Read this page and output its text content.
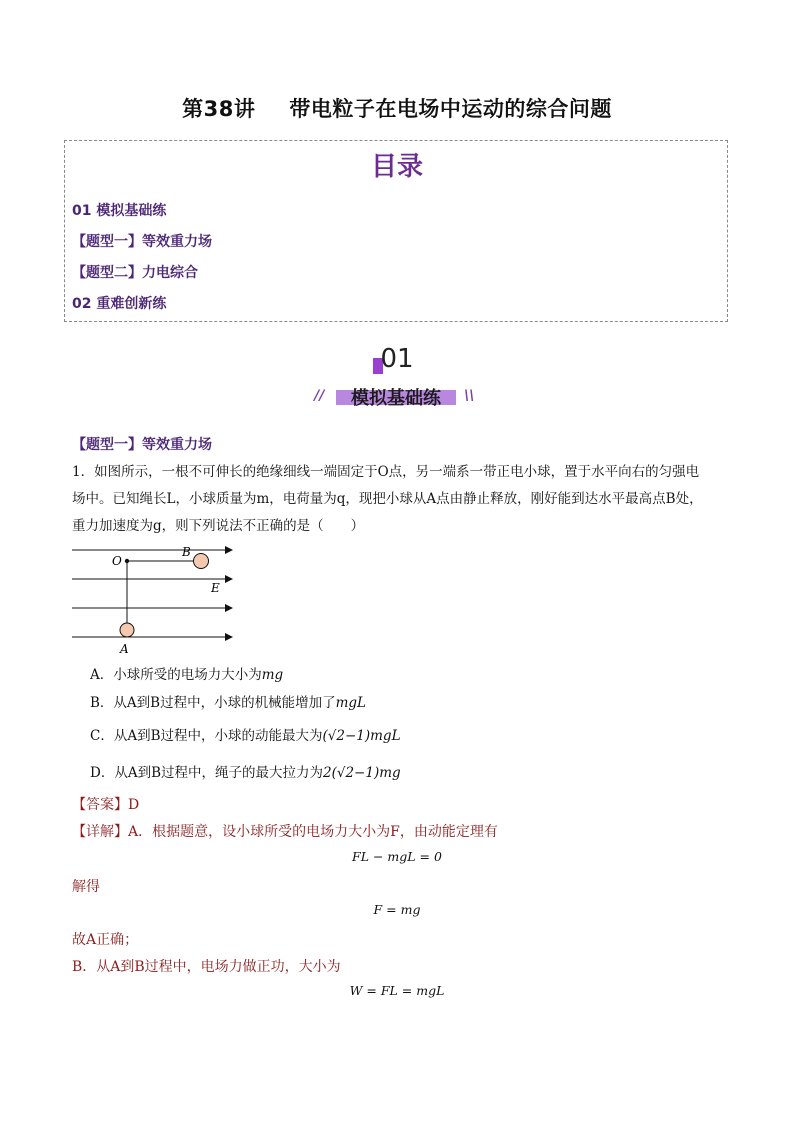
第38讲 带电粒子在电场中运动的综合问题
目录
01 模拟基础练
【题型一】等效重力场
【题型二】力电综合
02 重难创新练
01
//	模拟基础练	\\
【题型一】等效重力场
1．如图所示，一根不可伸长的绝缘细线一端固定于O点，另一端系一带正电小球，置于水平向右的匀强电
场中。已知绳长L，小球质量为m，电荷量为q，现把小球从A点由静止释放，刚好能到达水平最高点B处，
重力加速度为g，则下列说法不正确的是（　　）
O
B
E
A
A．小球所受的电场力大小为mg
B．从A到B过程中，小球的机械能增加了mgL
C．从A到B过程中，小球的动能最大为(√2−1)mgL
D．从A到B过程中，绳子的最大拉力为2(√2−1)mg
【答案】D
【详解】A．根据题意，设小球所受的电场力大小为F，由动能定理有
FL − mgL = 0
解得
F = mg
故A正确；
B．从A到B过程中，电场力做正功，大小为
W = FL = mgL
